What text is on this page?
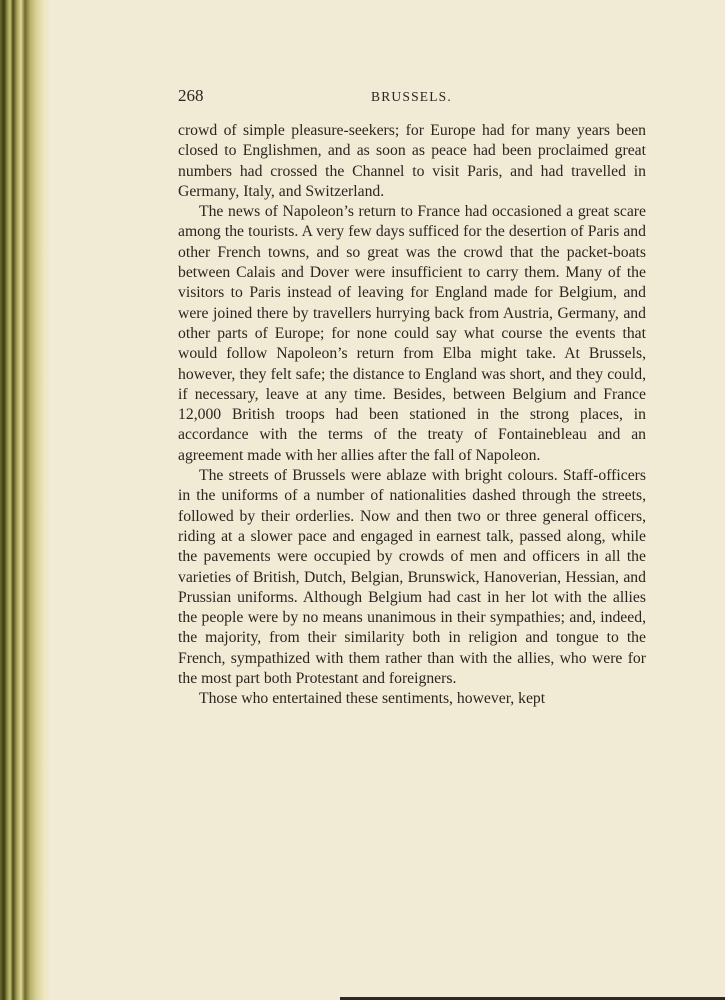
268	BRUSSELS.

crowd of simple pleasure-seekers; for Europe had for many years been closed to Englishmen, and as soon as peace had been proclaimed great numbers had crossed the Channel to visit Paris, and had travelled in Germany, Italy, and Switzerland.

The news of Napoleon’s return to France had occasioned a great scare among the tourists. A very few days sufficed for the desertion of Paris and other French towns, and so great was the crowd that the packet-boats between Calais and Dover were insufficient to carry them. Many of the visitors to Paris instead of leaving for England made for Belgium, and were joined there by travellers hurrying back from Austria, Germany, and other parts of Europe; for none could say what course the events that would follow Napoleon’s return from Elba might take. At Brussels, however, they felt safe; the distance to England was short, and they could, if necessary, leave at any time. Besides, between Belgium and France 12,000 British troops had been stationed in the strong places, in accordance with the terms of the treaty of Fontainebleau and an agreement made with her allies after the fall of Napoleon.

The streets of Brussels were ablaze with bright colours. Staff-officers in the uniforms of a number of nationalities dashed through the streets, followed by their orderlies. Now and then two or three general officers, riding at a slower pace and engaged in earnest talk, passed along, while the pavements were occupied by crowds of men and officers in all the varieties of British, Dutch, Belgian, Brunswick, Hanoverian, Hessian, and Prussian uniforms. Although Belgium had cast in her lot with the allies the people were by no means unanimous in their sympathies; and, indeed, the majority, from their similarity both in religion and tongue to the French, sympathized with them rather than with the allies, who were for the most part both Protestant and foreigners.

Those who entertained these sentiments, however, kept
